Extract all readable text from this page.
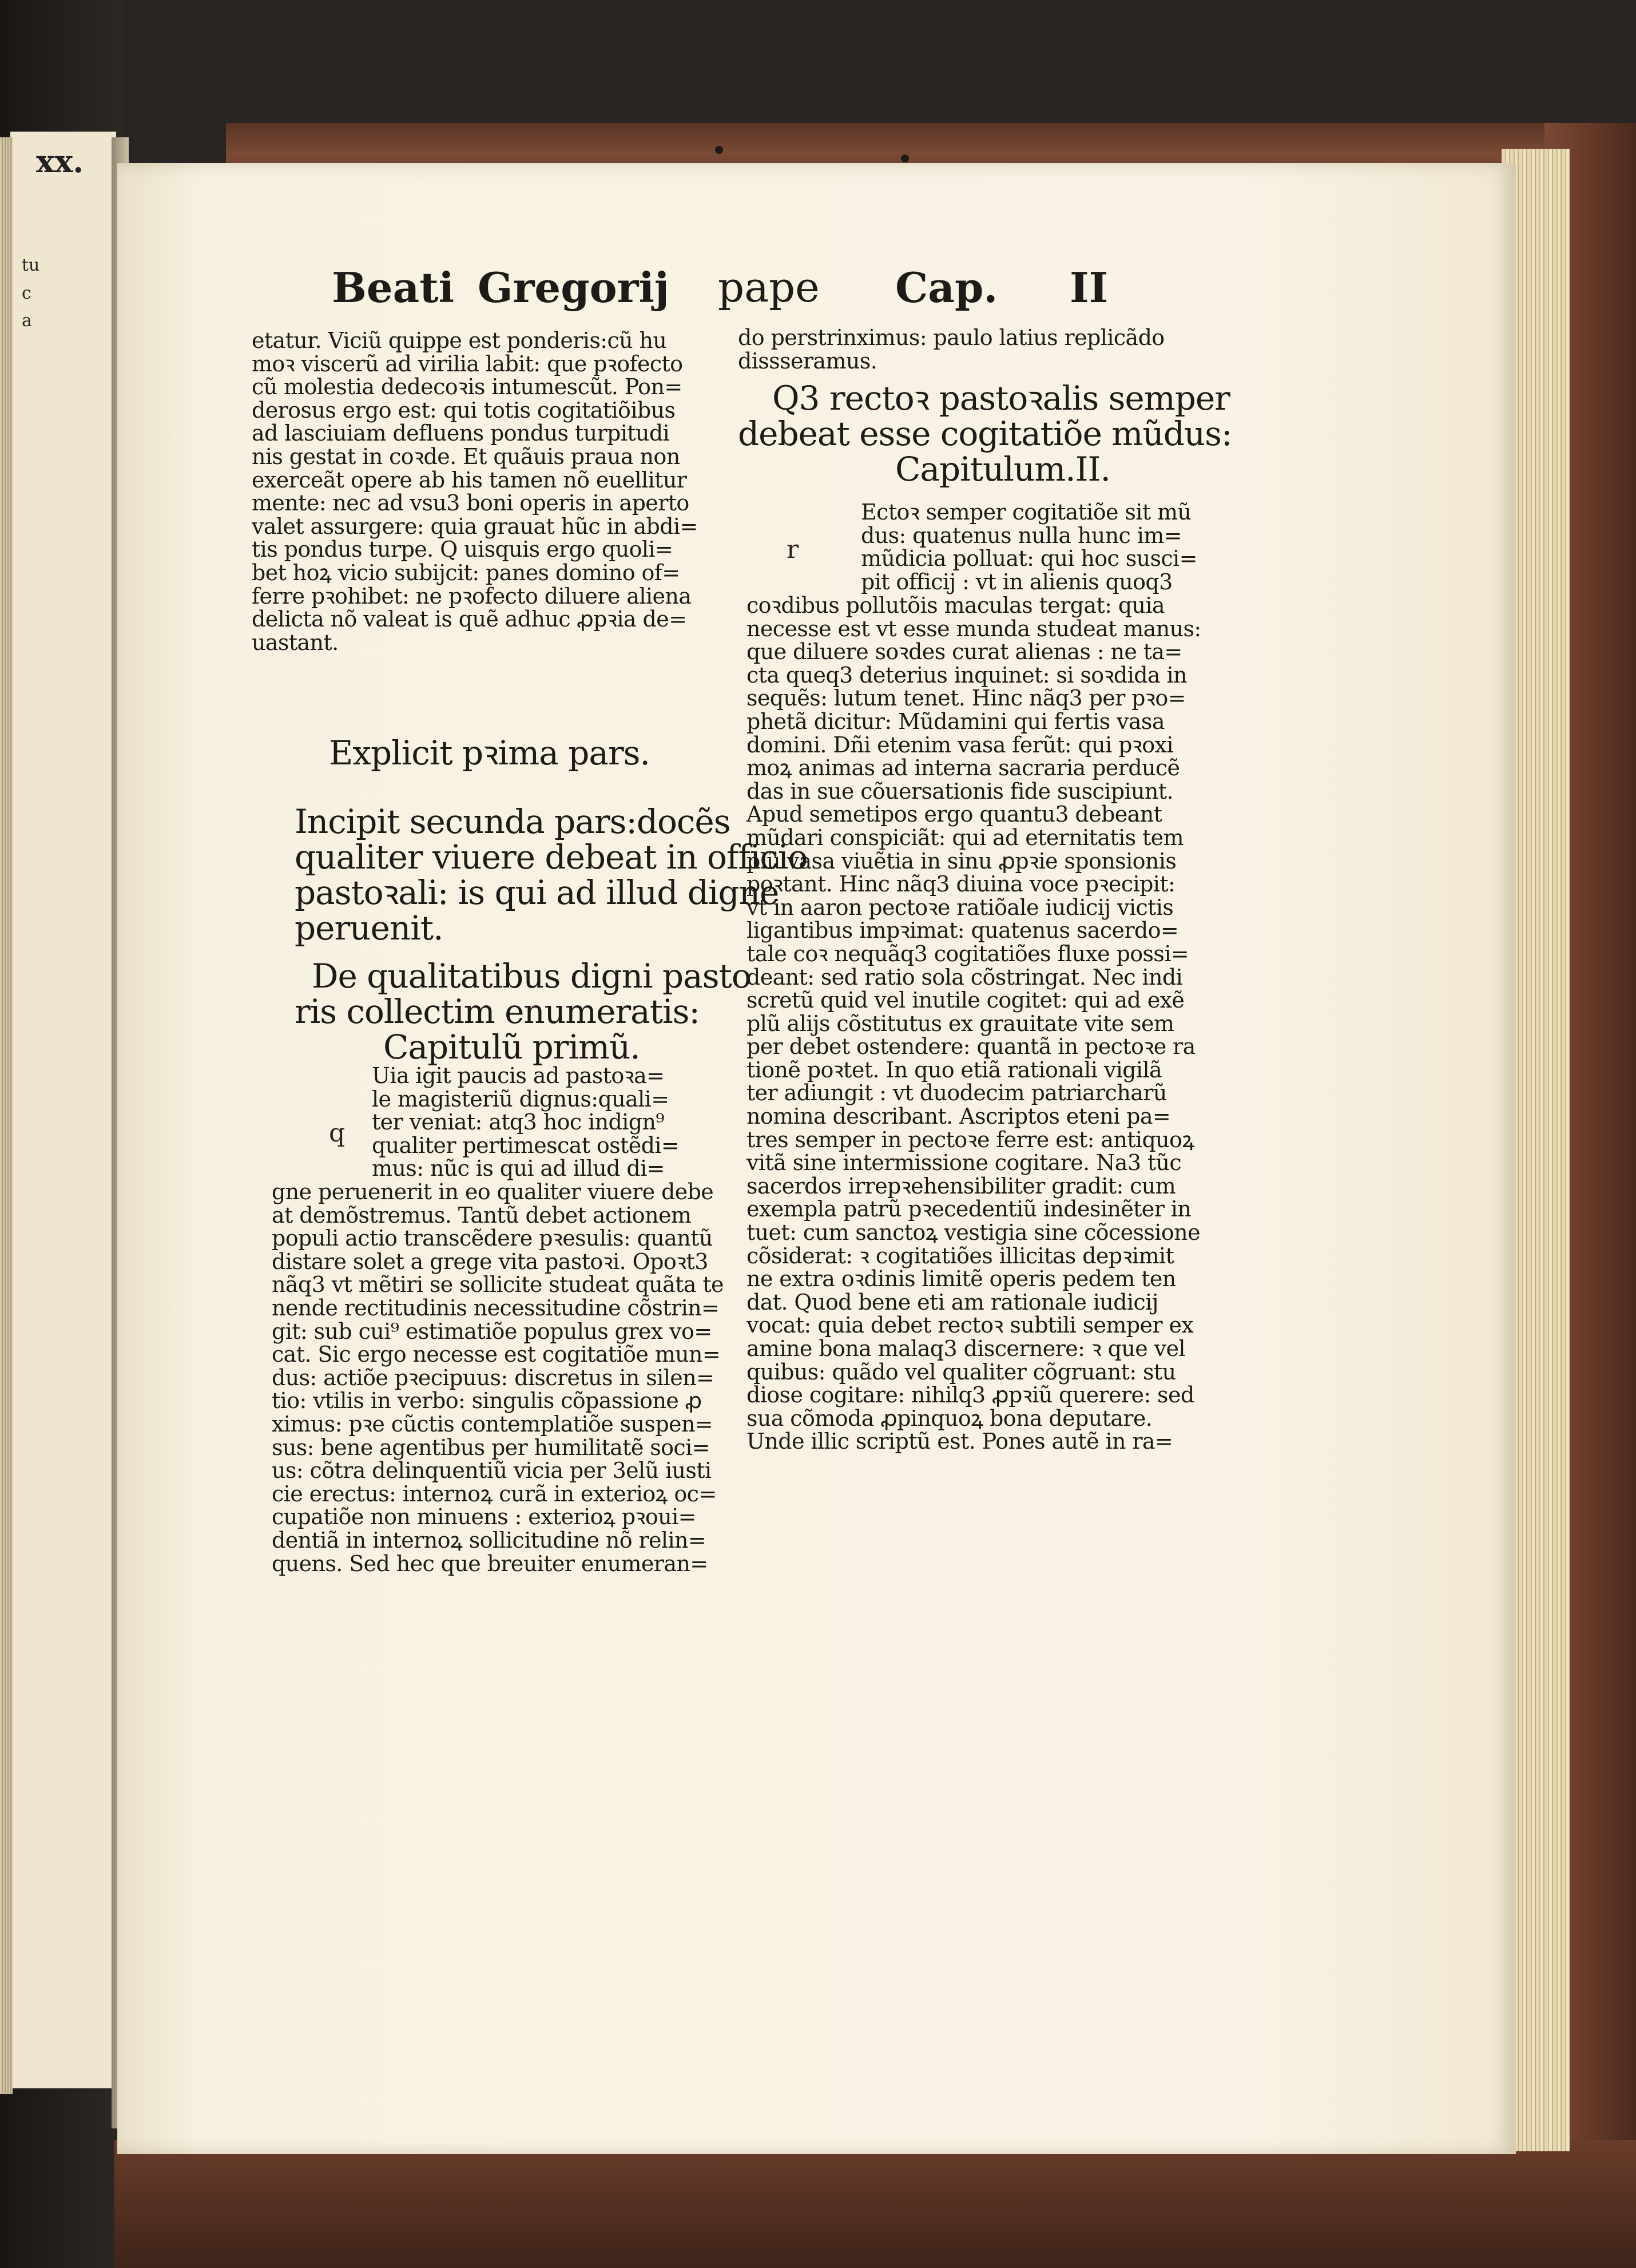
xx.
tu
c
a

Beati Gregorij pape Cap. II
etatur. Viciũ quippe est ponderis:cũ hu
moꝛ viscerũ ad virilia labit: que pꝛofecto
cũ molestia dedecoꝛis intumescũt. Pon=
derosus ergo est: qui totis cogitatiõibus
ad lasciuiam defluens pondus turpitudi
nis gestat in coꝛde. Et quãuis praua non
exerceãt opere ab his tamen nõ euellitur
mente: nec ad vsu3 boni operis in aperto
valet assurgere: quia grauat hũc in abdi=
tis pondus turpe. Q uisquis ergo quoli=
bet hoꝝ vicio subijcit: panes domino of=
ferre pꝛohibet: ne pꝛofecto diluere aliena
delicta nõ valeat is quẽ adhuc ꝓpꝛia de=
uastant.
Explicit pꝛima pars.
Incipit secunda pars:docẽs
qualiter viuere debeat in officio
pastoꝛali: is qui ad illud digne
peruenit.
De qualitatibus digni pasto
ris collectim enumeratis:
Capitulũ primũ.
q
Uia igit paucis ad pastoꝛa=
le magisteriũ dignus:quali=
ter veniat: atq3 hoc indign⁹
qualiter pertimescat ostẽdi=
mus: nũc is qui ad illud di=
gne peruenerit in eo qualiter viuere debe
at demõstremus. Tantũ debet actionem
populi actio transcẽdere pꝛesulis: quantũ
distare solet a grege vita pastoꝛi. Opoꝛt3
nãq3 vt mẽtiri se sollicite studeat quãta te
nende rectitudinis necessitudine cõstrin=
git: sub cui⁹ estimatiõe populus grex vo=
cat. Sic ergo necesse est cogitatiõe mun=
dus: actiõe pꝛecipuus: discretus in silen=
tio: vtilis in verbo: singulis cõpassione ꝓ
ximus: pꝛe cũctis contemplatiõe suspen=
sus: bene agentibus per humilitatẽ soci=
us: cõtra delinquentiũ vicia per 3elũ iusti
cie erectus: internoꝝ curã in exterioꝝ oc=
cupatiõe non minuens : exterioꝝ pꝛoui=
dentiã in internoꝝ sollicitudine nõ relin=
quens. Sed hec que breuiter enumeran=
do perstrinximus: paulo latius replicãdo
dissseramus.
Q3 rectoꝛ pastoꝛalis semper
debeat esse cogitatiõe mũdus:
Capitulum.II.
r
Ectoꝛ semper cogitatiõe sit mũ
dus: quatenus nulla hunc im=
mũdicia polluat: qui hoc susci=
pit officij : vt in alienis quoq3
coꝛdibus pollutõis maculas tergat: quia
necesse est vt esse munda studeat manus:
que diluere soꝛdes curat alienas : ne ta=
cta queq3 deterius inquinet: si soꝛdida in
sequẽs: lutum tenet. Hinc nãq3 per pꝛo=
phetã dicitur: Mũdamini qui fertis vasa
domini. Dñi etenim vasa ferũt: qui pꝛoxi
moꝝ animas ad interna sacraria perducẽ
das in sue cõuersationis fide suscipiunt.
Apud semetipos ergo quantu3 debeant
mũdari conspiciãt: qui ad eternitatis tem
plũ vasa viuẽtia in sinu ꝓpꝛie sponsionis
poꝛtant. Hinc nãq3 diuina voce pꝛecipit:
vt in aaron pectoꝛe ratiõale iudicij victis
ligantibus impꝛimat: quatenus sacerdo=
tale coꝛ nequãq3 cogitatiões fluxe possi=
deant: sed ratio sola cõstringat. Nec indi
scretũ quid vel inutile cogitet: qui ad exẽ
plũ alijs cõstitutus ex grauitate vite sem
per debet ostendere: quantã in pectoꝛe ra
tionẽ poꝛtet. In quo etiã rationali vigilã
ter adiungit : vt duodecim patriarcharũ
nomina describant. Ascriptos eteni pa=
tres semper in pectoꝛe ferre est: antiquoꝝ
vitã sine intermissione cogitare. Na3 tũc
sacerdos irrepꝛehensibiliter gradit: cum
exempla patrũ pꝛecedentiũ indesinẽter in
tuet: cum sanctoꝝ vestigia sine cõcessione
cõsiderat: ꝛ cogitatiões illicitas depꝛimit
ne extra oꝛdinis limitẽ operis pedem ten
dat. Quod bene eti am rationale iudicij
vocat: quia debet rectoꝛ subtili semper ex
amine bona malaq3 discernere: ꝛ que vel
quibus: quãdo vel qualiter cõgruant: stu
diose cogitare: nihilq3 ꝓpꝛiũ querere: sed
sua cõmoda ꝓpinquoꝝ bona deputare.
Unde illic scriptũ est. Pones autẽ in ra=
